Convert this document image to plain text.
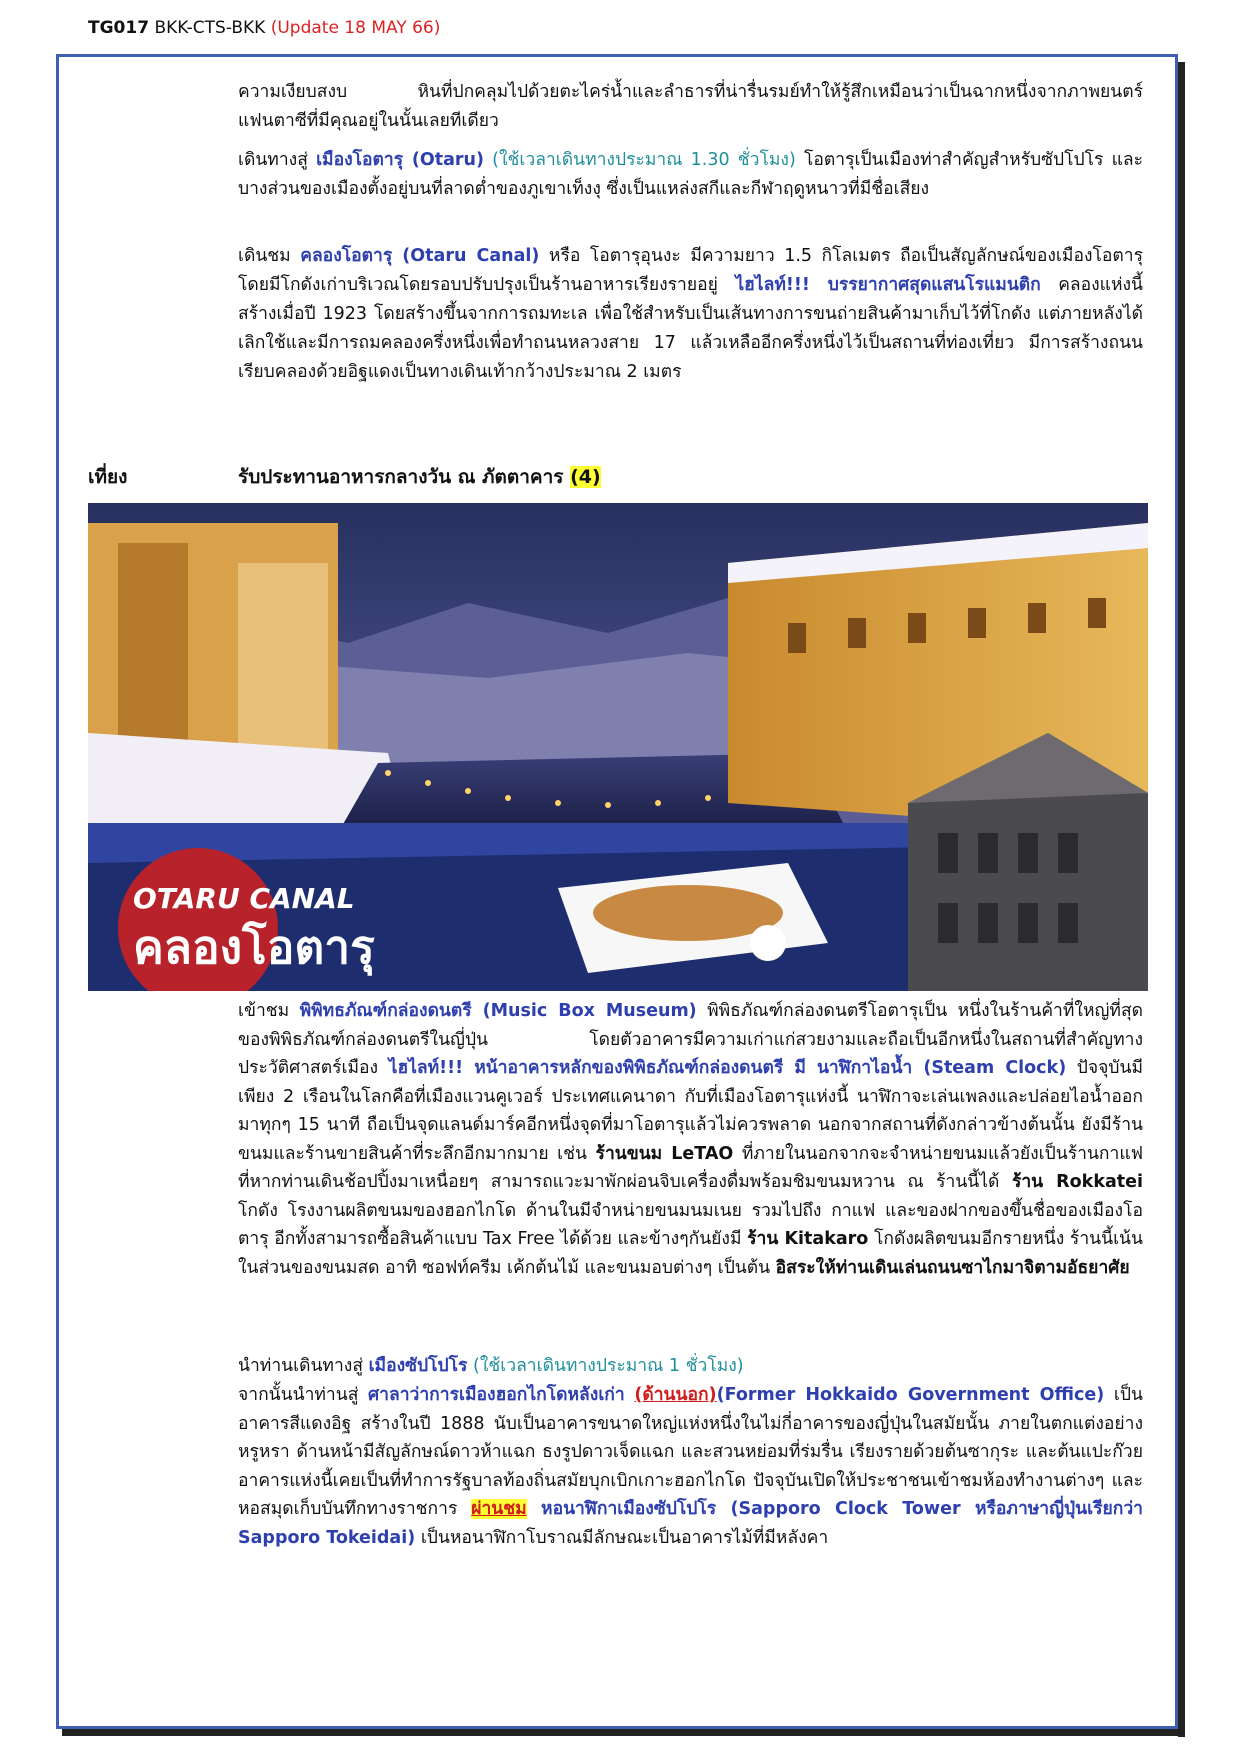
TG017 BKK-CTS-BKK (Update 18 MAY 66)

ความเงียบสงบ หินที่ปกคลุมไปด้วยตะไคร่น้ำและลำธารที่น่ารื่นรมย์ทำให้รู้สึกเหมือนว่าเป็นฉากหนึ่งจากภาพยนตร์แฟนตาซีที่มีคุณอยู่ในนั้นเลยทีเดียว

เดินทางสู่ เมืองโอตารุ (Otaru) (ใช้เวลาเดินทางประมาณ 1.30 ชั่วโมง) โอตารุเป็นเมืองท่าสำคัญสำหรับซัปโปโร และบางส่วนของเมืองตั้งอยู่บนที่ลาดต่ำของภูเขาเท็งงุ ซึ่งเป็นแหล่งสกีและกีฬาฤดูหนาวที่มีชื่อเสียง

เดินชม คลองโอตารุ (Otaru Canal) หรือ โอตารุอุนงะ มีความยาว 1.5 กิโลเมตร ถือเป็นสัญลักษณ์ของเมืองโอตารุ โดยมีโกดังเก่าบริเวณโดยรอบปรับปรุงเป็นร้านอาหารเรียงรายอยู่ ไฮไลท์!!! บรรยากาศสุดแสนโรแมนติก คลองแห่งนี้สร้างเมื่อปี 1923 โดยสร้างขึ้นจากการถมทะเล เพื่อใช้สำหรับเป็นเส้นทางการขนถ่ายสินค้ามาเก็บไว้ที่โกดัง แต่ภายหลังได้เลิกใช้และมีการถมคลองครึ่งหนึ่งเพื่อทำถนนหลวงสาย 17 แล้วเหลืออีกครึ่งหนึ่งไว้เป็นสถานที่ท่องเที่ยว มีการสร้างถนนเรียบคลองด้วยอิฐแดงเป็นทางเดินเท้ากว้างประมาณ 2 เมตร

เที่ยง	รับประทานอาหารกลางวัน ณ ภัตตาคาร (4)
OTARU CANAL
คลองโอตารุ

เข้าชม พิพิทธภัณฑ์กล่องดนตรี (Music Box Museum) พิพิธภัณฑ์กล่องดนตรีโอตารุเป็น หนึ่งในร้านค้าที่ใหญ่ที่สุดของพิพิธภัณฑ์กล่องดนตรีในญี่ปุ่น โดยตัวอาคารมีความเก่าแก่สวยงามและถือเป็นอีกหนึ่งในสถานที่สำคัญทางประวัติศาสตร์เมือง ไฮไลท์!!! หน้าอาคารหลักของพิพิธภัณฑ์กล่องดนตรี มี นาฬิกาไอน้ำ (Steam Clock) ปัจจุบันมีเพียง 2 เรือนในโลกคือที่เมืองแวนคูเวอร์ ประเทศแคนาดา กับที่เมืองโอตารุแห่งนี้ นาฬิกาจะเล่นเพลงและปล่อยไอน้ำออกมาทุกๆ 15 นาที ถือเป็นจุดแลนด์มาร์คอีกหนึ่งจุดที่มาโอตารุแล้วไม่ควรพลาด นอกจากสถานที่ดังกล่าวข้างต้นนั้น ยังมีร้านขนมและร้านขายสินค้าที่ระลึกอีกมากมาย เช่น ร้านขนม LeTAO ที่ภายในนอกจากจะจำหน่ายขนมแล้วยังเป็นร้านกาแฟ ที่หากท่านเดินช้อปปิ้งมาเหนื่อยๆ สามารถแวะมาพักผ่อนจิบเครื่องดื่มพร้อมชิมขนมหวาน ณ ร้านนี้ได้ ร้าน Rokkatei โกดัง โรงงานผลิตขนมของฮอกไกโด ด้านในมีจำหน่ายขนมนมเนย รวมไปถึง กาแฟ และของฝากของขึ้นชื่อของเมืองโอตารุ อีกทั้งสามารถซื้อสินค้าแบบ Tax Free ได้ด้วย และข้างๆกันยังมี ร้าน Kitakaro โกดังผลิตขนมอีกรายหนึ่ง ร้านนี้เน้นในส่วนของขนมสด อาทิ ซอฟท์ครีม เค้กต้นไม้ และขนมอบต่างๆ เป็นต้น อิสระให้ท่านเดินเล่นถนนซาไกมาจิตามอัธยาศัย

นำท่านเดินทางสู่ เมืองซัปโปโร (ใช้เวลาเดินทางประมาณ 1 ชั่วโมง)

จากนั้นนำท่านสู่ ศาลาว่าการเมืองฮอกไกโดหลังเก่า (ด้านนอก)(Former Hokkaido Government Office) เป็นอาคารสีแดงอิฐ สร้างในปี 1888 นับเป็นอาคารขนาดใหญ่แห่งหนึ่งในไม่กี่อาคารของญี่ปุ่นในสมัยนั้น ภายในตกแต่งอย่างหรูหรา ด้านหน้ามีสัญลักษณ์ดาวห้าแฉก ธงรูปดาวเจ็ดแฉก และสวนหย่อมที่ร่มรื่น เรียงรายด้วยต้นซากุระ และต้นแปะก๊วย อาคารแห่งนี้เคยเป็นที่ทำการรัฐบาลท้องถิ่นสมัยบุกเบิกเกาะฮอกไกโด ปัจจุบันเปิดให้ประชาชนเข้าชมห้องทำงานต่างๆ และหอสมุดเก็บบันทึกทางราชการ ผ่านชม หอนาฬิกาเมืองซัปโปโร (Sapporo Clock Tower หรือภาษาญี่ปุ่นเรียกว่า Sapporo Tokeidai) เป็นหอนาฬิกาโบราณมีลักษณะเป็นอาคารไม้ที่มีหลังคา
